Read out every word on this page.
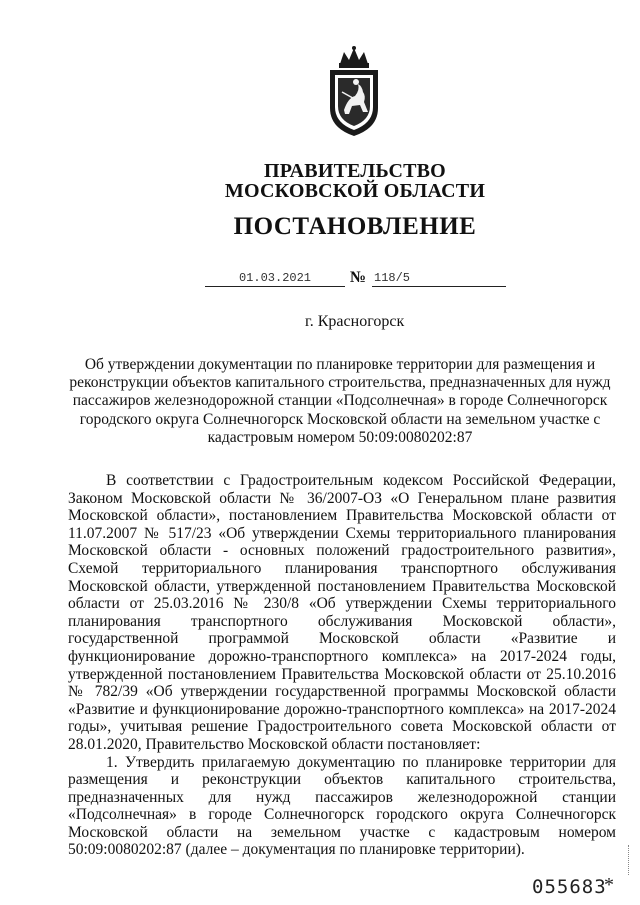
ПРАВИТЕЛЬСТВО
МОСКОВСКОЙ ОБЛАСТИ
ПОСТАНОВЛЕНИЕ
01.03.2021	№ 118/5
г. Красногорск
Об утверждении документации по планировке территории для размещения и реконструкции объектов капитального строительства, предназначенных для нужд пассажиров железнодорожной станции «Подсолнечная» в городе Солнечногорск городского округа Солнечногорск Московской области на земельном участке с кадастровым номером 50:09:0080202:87

В соответствии с Градостроительным кодексом Российской Федерации, Законом Московской области № 36/2007-ОЗ «О Генеральном плане развития Московской области», постановлением Правительства Московской области от 11.07.2007 № 517/23 «Об утверждении Схемы территориального планирования Московской области - основных положений градостроительного развития», Схемой территориального планирования транспортного обслуживания Московской области, утвержденной постановлением Правительства Московской области от 25.03.2016 № 230/8 «Об утверждении Схемы территориального планирования транспортного обслуживания Московской области», государственной программой Московской области «Развитие и функционирование дорожно-транспортного комплекса» на 2017-2024 годы, утвержденной постановлением Правительства Московской области от 25.10.2016 № 782/39 «Об утверждении государственной программы Московской области «Развитие и функционирование дорожно-транспортного комплекса» на 2017-2024 годы», учитывая решение Градостроительного совета Московской области от 28.01.2020, Правительство Московской области постановляет:

1. Утвердить прилагаемую документацию по планировке территории для размещения и реконструкции объектов капитального строительства, предназначенных для нужд пассажиров железнодорожной станции «Подсолнечная» в городе Солнечногорск городского округа Солнечногорск Московской области на земельном участке с кадастровым номером 50:09:0080202:87 (далее – документация по планировке территории).

055683
*
